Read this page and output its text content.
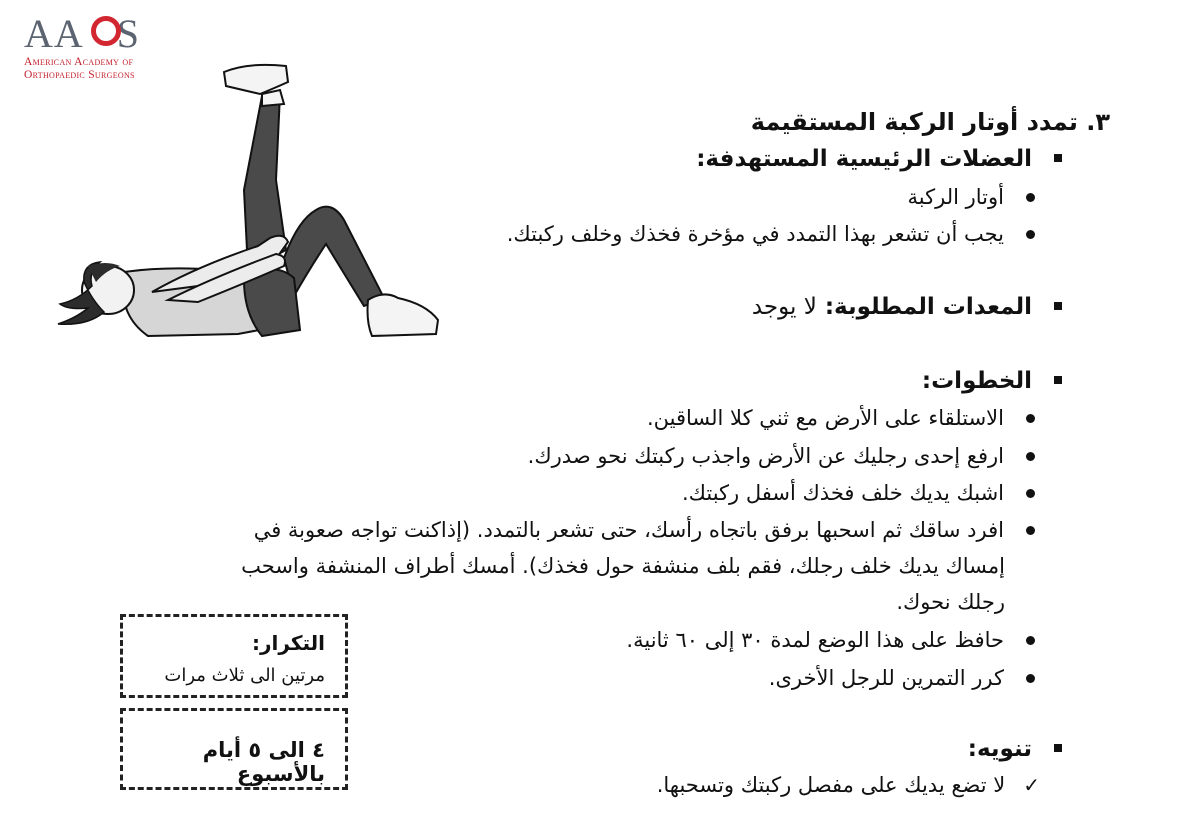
AA   S
American Academy of
Orthopaedic Surgeons
٣. تمدد أوتار الركبة المستقيمة
العضلات الرئيسية المستهدفة:
أوتار الركبة
يجب أن تشعر بهذا التمدد في مؤخرة فخذك وخلف ركبتك.
المعدات المطلوبة: لا يوجد
الخطوات:
الاستلقاء على الأرض مع ثني كلا الساقين.
ارفع إحدى رجليك عن الأرض واجذب ركبتك نحو صدرك.
اشبك يديك خلف فخذك أسفل ركبتك.
افرد ساقك ثم اسحبها برفق باتجاه رأسك، حتى تشعر بالتمدد. (إذاكنت تواجه صعوبة في
إمساك يديك خلف رجلك، فقم بلف منشفة حول فخذك). أمسك أطراف المنشفة واسحب
رجلك نحوك.
حافظ على هذا الوضع لمدة ٣٠ إلى ٦٠ ثانية.
كرر التمرين للرجل الأخرى.
تنويه:
✓لا تضع يديك على مفصل ركبتك وتسحبها.
التكرار:
مرتين الى ثلاث مرات
٤ الى ٥ أيام بالأسبوع
